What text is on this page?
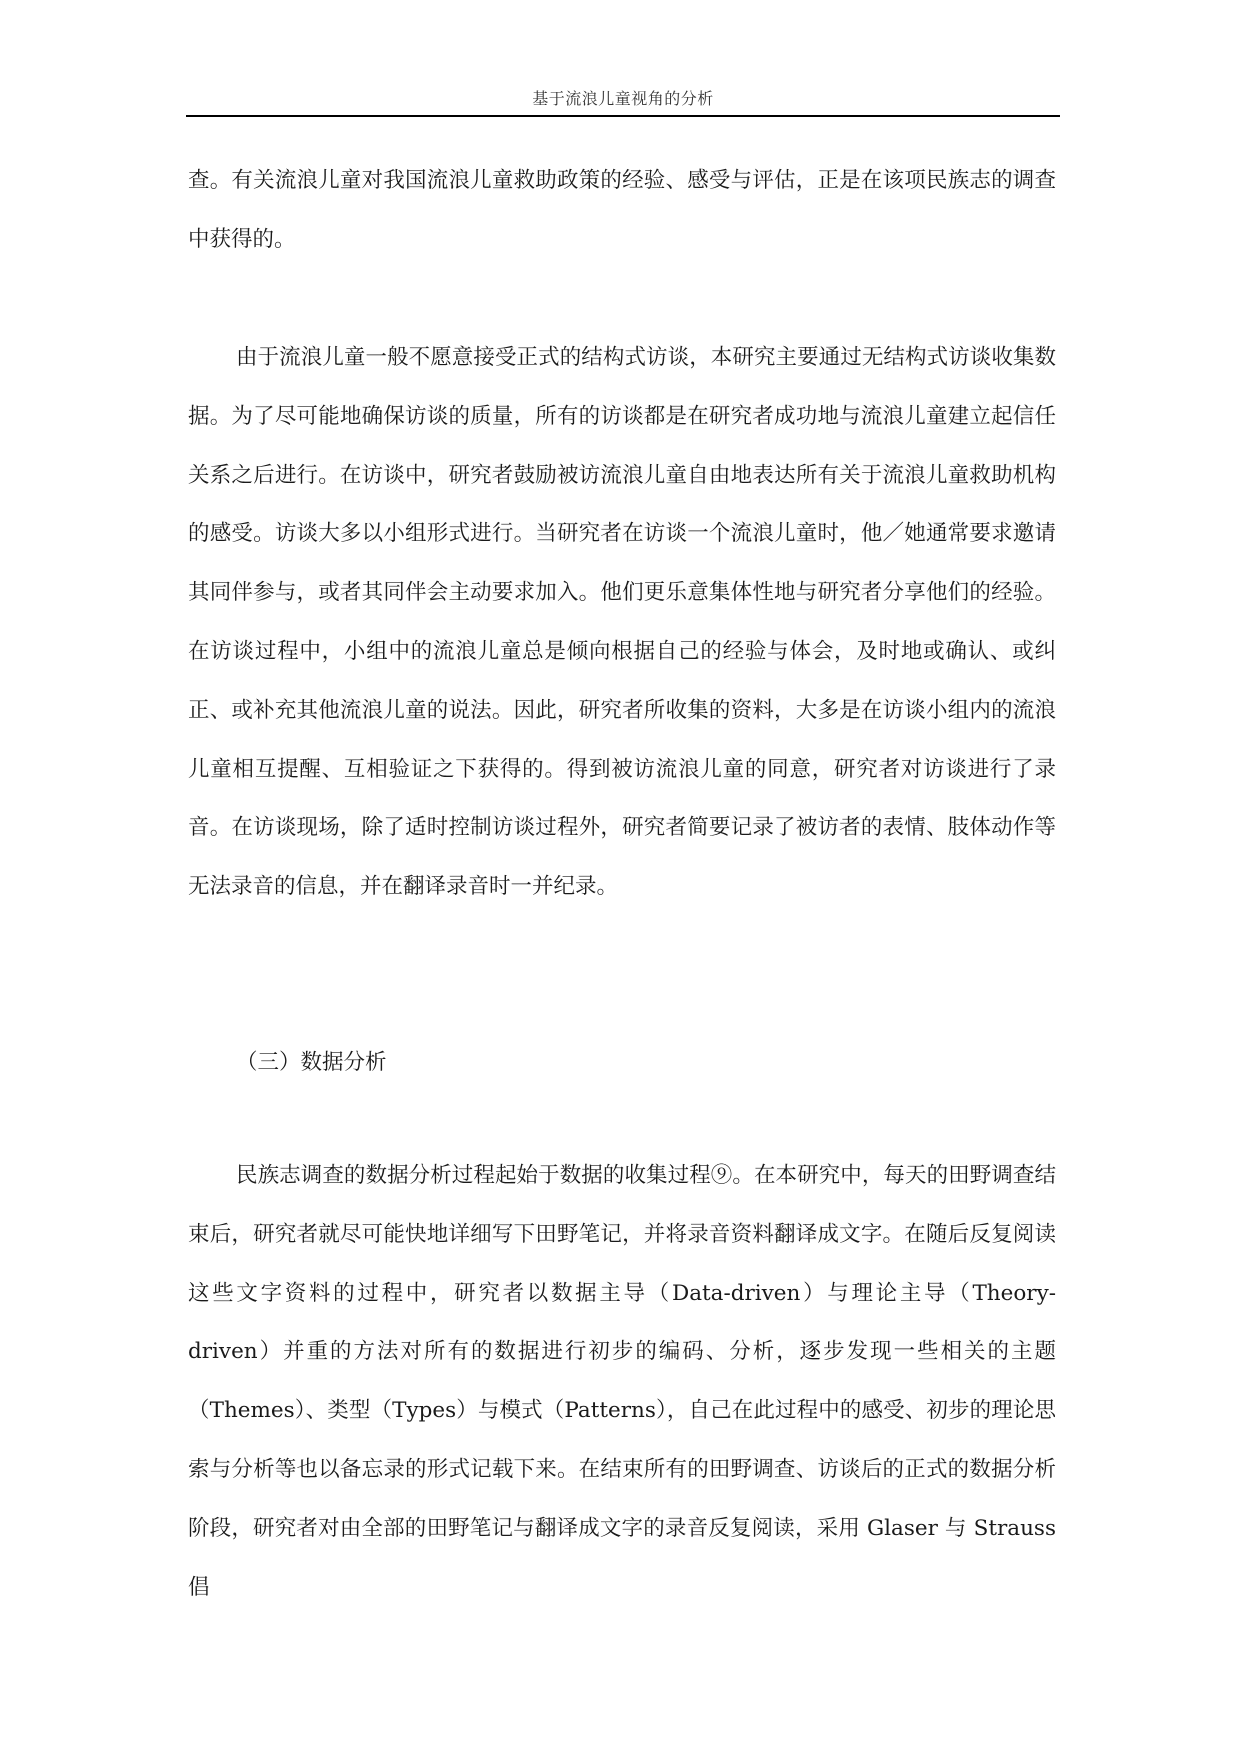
基于流浪儿童视角的分析

查。有关流浪儿童对我国流浪儿童救助政策的经验、感受与评估，正是在该项民族志的调查中获得的。

由于流浪儿童一般不愿意接受正式的结构式访谈，本研究主要通过无结构式访谈收集数据。为了尽可能地确保访谈的质量，所有的访谈都是在研究者成功地与流浪儿童建立起信任关系之后进行。在访谈中，研究者鼓励被访流浪儿童自由地表达所有关于流浪儿童救助机构的感受。访谈大多以小组形式进行。当研究者在访谈一个流浪儿童时，他／她通常要求邀请其同伴参与，或者其同伴会主动要求加入。他们更乐意集体性地与研究者分享他们的经验。在访谈过程中，小组中的流浪儿童总是倾向根据自己的经验与体会，及时地或确认、或纠正、或补充其他流浪儿童的说法。因此，研究者所收集的资料，大多是在访谈小组内的流浪儿童相互提醒、互相验证之下获得的。得到被访流浪儿童的同意，研究者对访谈进行了录音。在访谈现场，除了适时控制访谈过程外，研究者简要记录了被访者的表情、肢体动作等无法录音的信息，并在翻译录音时一并纪录。

（三）数据分析

民族志调查的数据分析过程起始于数据的收集过程⑨。在本研究中，每天的田野调查结束后，研究者就尽可能快地详细写下田野笔记，并将录音资料翻译成文字。在随后反复阅读这些文字资料的过程中，研究者以数据主导（Data-driven）与理论主导（Theory-driven）并重的方法对所有的数据进行初步的编码、分析，逐步发现一些相关的主题（Themes）、类型（Types）与模式（Patterns），自己在此过程中的感受、初步的理论思索与分析等也以备忘录的形式记载下来。在结束所有的田野调查、访谈后的正式的数据分析阶段，研究者对由全部的田野笔记与翻译成文字的录音反复阅读，采用 Glaser 与 Strauss 倡
